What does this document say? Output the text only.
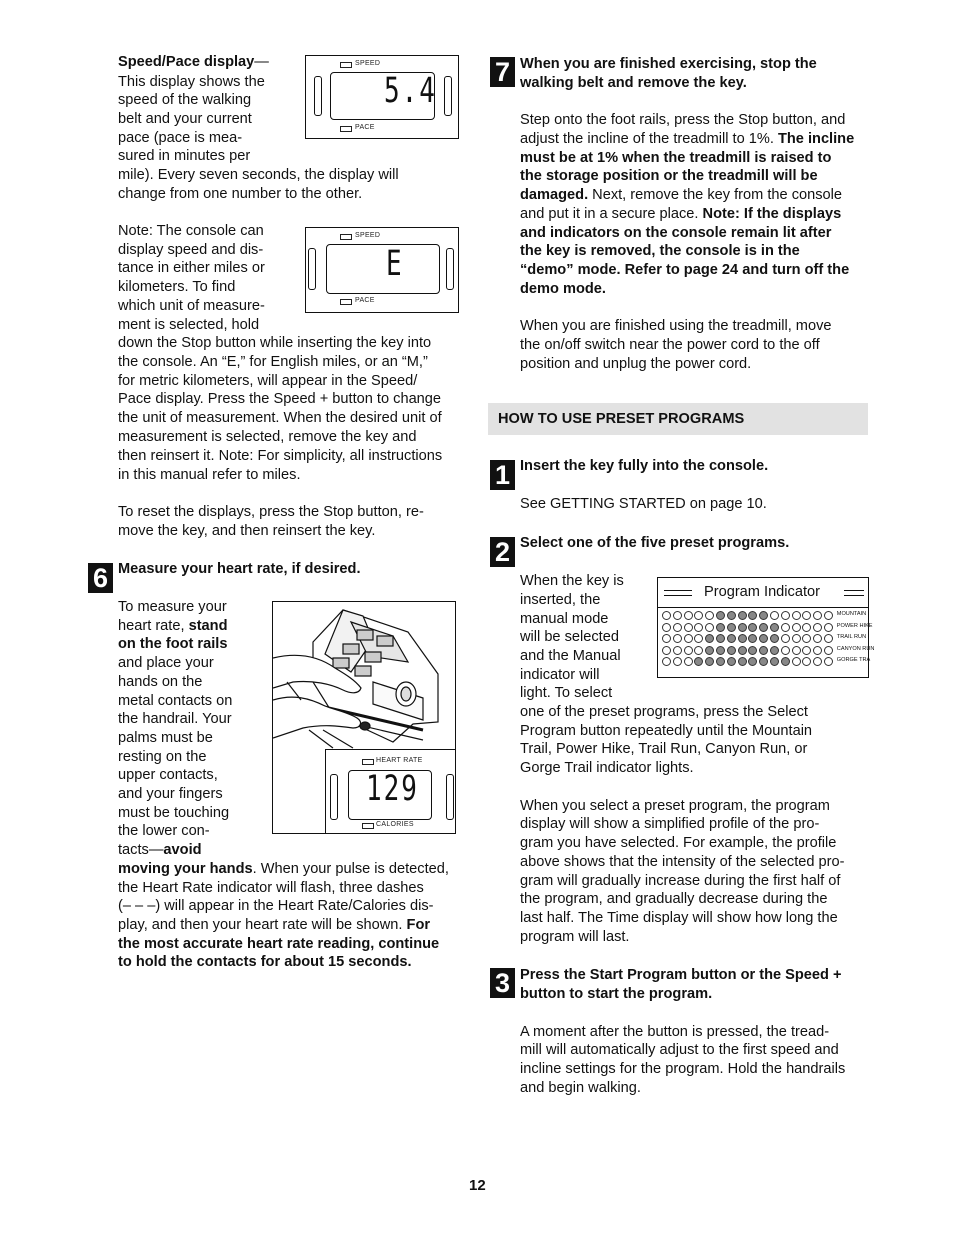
Speed/Pace display—
This display shows the
speed of the walking
belt and your current
pace (pace is mea-
sured in minutes per
mile). Every seven seconds, the display will
change from one number to the other.
SPEED
5.4
PACE
SPEED
E
PACE
Note: The console can
display speed and dis-
tance in either miles or
kilometers. To find
which unit of measure-
ment is selected, hold
down the Stop button while inserting the key into
the console. An “E,” for English miles, or an “M,”
for metric kilometers, will appear in the Speed/
Pace display. Press the Speed + button to change
the unit of measurement. When the desired unit of
measurement is selected, remove the key and
then reinsert it. Note: For simplicity, all instructions
in this manual refer to miles.
To reset the displays, press the Stop button, re-
move the key, and then reinsert the key.
6 Measure your heart rate, if desired.
To measure your
heart rate, stand
on the foot rails
and place your
hands on the
metal contacts on
the handrail. Your
palms must be
resting on the
upper contacts,
and your fingers
must be touching
the lower con-
tacts—avoid
moving your hands. When your pulse is detected,
the Heart Rate indicator will flash, three dashes
(– – –) will appear in the Heart Rate/Calories dis-
play, and then your heart rate will be shown. For
the most accurate heart rate reading, continue
to hold the contacts for about 15 seconds.
HEART RATE
129
CALORIES
7 When you are finished exercising, stop the
walking belt and remove the key.
Step onto the foot rails, press the Stop button, and
adjust the incline of the treadmill to 1%. The incline
must be at 1% when the treadmill is raised to
the storage position or the treadmill will be
damaged. Next, remove the key from the console
and put it in a secure place. Note: If the displays
and indicators on the console remain lit after
the key is removed, the console is in the
“demo” mode. Refer to page 24 and turn off the
demo mode.
When you are finished using the treadmill, move
the on/off switch near the power cord to the off
position and unplug the power cord.
HOW TO USE PRESET PROGRAMS
1 Insert the key fully into the console.
See GETTING STARTED on page 10.
2 Select one of the five preset programs.
When the key is
inserted, the
manual mode
will be selected
and the Manual
indicator will
light. To select
one of the preset programs, press the Select
Program button repeatedly until the Mountain
Trail, Power Hike, Trail Run, Canyon Run, or
Gorge Trail indicator lights.
Program Indicator
MOUNTAIN
POWER HIKE
TRAIL RUN
CANYON RUN
GORGE TRA
When you select a preset program, the program
display will show a simplified profile of the pro-
gram you have selected. For example, the profile
above shows that the intensity of the selected pro-
gram will gradually increase during the first half of
the program, and gradually decrease during the
last half. The Time display will show how long the
program will last.
3 Press the Start Program button or the Speed +
button to start the program.
A moment after the button is pressed, the tread-
mill will automatically adjust to the first speed and
incline settings for the program. Hold the handrails
and begin walking.
12
